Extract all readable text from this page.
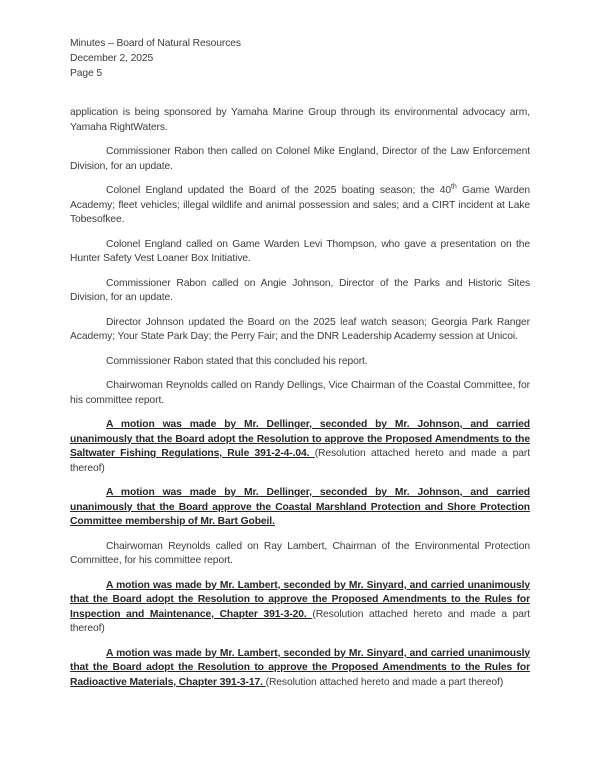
Minutes – Board of Natural Resources
December 2, 2025
Page 5

application is being sponsored by Yamaha Marine Group through its environmental advocacy arm, Yamaha RightWaters.

Commissioner Rabon then called on Colonel Mike England, Director of the Law Enforcement Division, for an update.

Colonel England updated the Board of the 2025 boating season; the 40th Game Warden Academy; fleet vehicles; illegal wildlife and animal possession and sales; and a CIRT incident at Lake Tobesofkee.

Colonel England called on Game Warden Levi Thompson, who gave a presentation on the Hunter Safety Vest Loaner Box Initiative.

Commissioner Rabon called on Angie Johnson, Director of the Parks and Historic Sites Division, for an update.

Director Johnson updated the Board on the 2025 leaf watch season; Georgia Park Ranger Academy; Your State Park Day; the Perry Fair; and the DNR Leadership Academy session at Unicoi.

Commissioner Rabon stated that this concluded his report.

Chairwoman Reynolds called on Randy Dellings, Vice Chairman of the Coastal Committee, for his committee report.

A motion was made by Mr. Dellinger, seconded by Mr. Johnson, and carried unanimously that the Board adopt the Resolution to approve the Proposed Amendments to the Saltwater Fishing Regulations, Rule 391-2-4-.04. (Resolution attached hereto and made a part thereof)

A motion was made by Mr. Dellinger, seconded by Mr. Johnson, and carried unanimously that the Board approve the Coastal Marshland Protection and Shore Protection Committee membership of Mr. Bart Gobeil.

Chairwoman Reynolds called on Ray Lambert, Chairman of the Environmental Protection Committee, for his committee report.

A motion was made by Mr. Lambert, seconded by Mr. Sinyard, and carried unanimously that the Board adopt the Resolution to approve the Proposed Amendments to the Rules for Inspection and Maintenance, Chapter 391-3-20. (Resolution attached hereto and made a part thereof)

A motion was made by Mr. Lambert, seconded by Mr. Sinyard, and carried unanimously that the Board adopt the Resolution to approve the Proposed Amendments to the Rules for Radioactive Materials, Chapter 391-3-17. (Resolution attached hereto and made a part thereof)
